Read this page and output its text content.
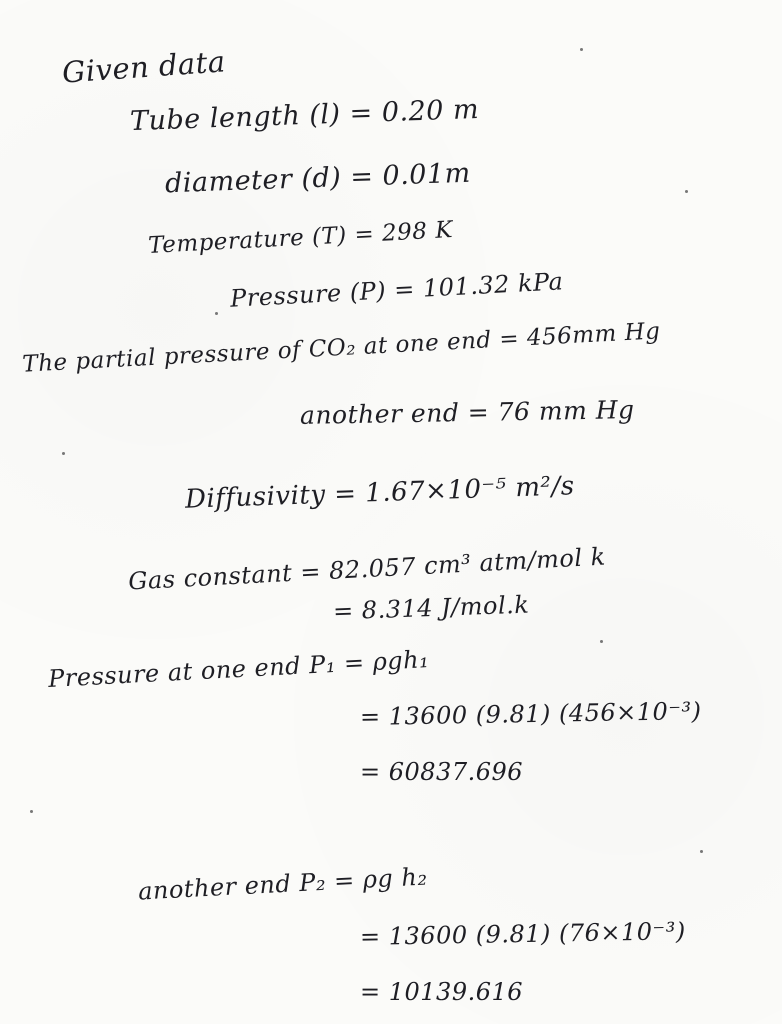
Given data
Tube length (l) = 0.20 m
diameter (d) = 0.01m
Temperature (T) = 298 K
Pressure (P) = 101.32 kPa
The partial pressure of CO₂ at one end = 456mm Hg
another end = 76 mm Hg
Diffusivity = 1.67×10⁻⁵ m²/s
Gas constant = 82.057 cm³ atm/mol k
= 8.314 J/mol.k
Pressure at one end P₁ = ρgh₁
= 13600 (9.81) (456×10⁻³)
= 60837.696
another end P₂ = ρg h₂
= 13600 (9.81) (76×10⁻³)
= 10139.616
